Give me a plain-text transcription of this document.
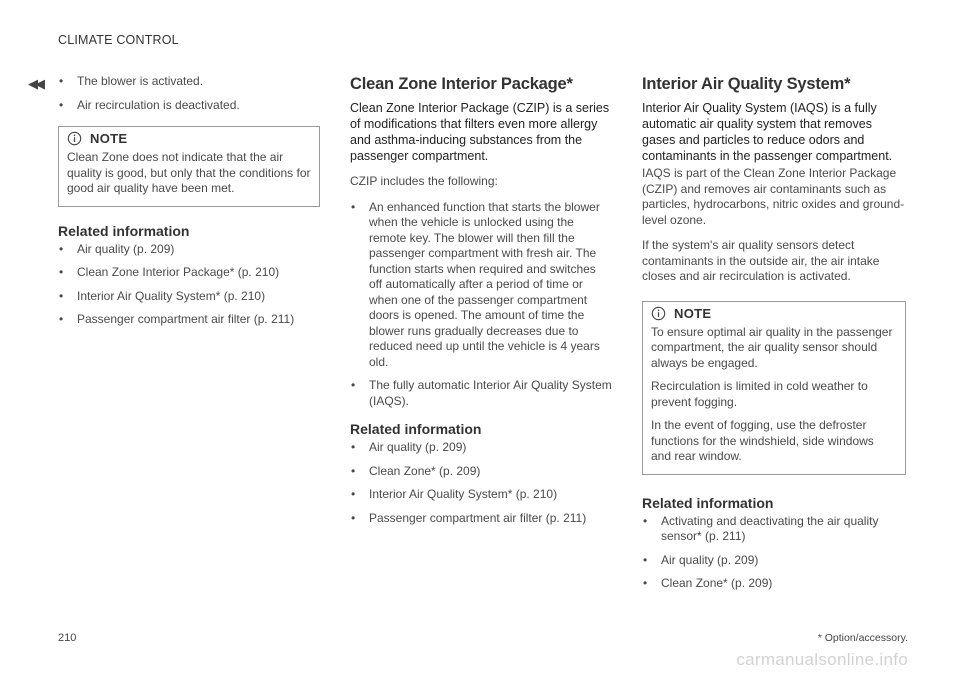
CLIMATE CONTROL
◀◀ • The blower is activated.
• Air recirculation is deactivated.
NOTE
Clean Zone does not indicate that the air quality is good, but only that the conditions for good air quality have been met.
Related information
• Air quality (p. 209)
• Clean Zone Interior Package* (p. 210)
• Interior Air Quality System* (p. 210)
• Passenger compartment air filter (p. 211)
Clean Zone Interior Package*

Clean Zone Interior Package (CZIP) is a series of modifications that filters even more allergy and asthma-inducing substances from the passenger compartment.

CZIP includes the following:

• An enhanced function that starts the blower when the vehicle is unlocked using the remote key. The blower will then fill the passenger compartment with fresh air. The function starts when required and switches off automatically after a period of time or when one of the passenger compartment doors is opened. The amount of time the blower runs gradually decreases due to reduced need up until the vehicle is 4 years old.
• The fully automatic Interior Air Quality System (IAQS).
Related information
• Air quality (p. 209)
• Clean Zone* (p. 209)
• Interior Air Quality System* (p. 210)
• Passenger compartment air filter (p. 211)
Interior Air Quality System*

Interior Air Quality System (IAQS) is a fully automatic air quality system that removes gases and particles to reduce odors and contaminants in the passenger compartment.

IAQS is part of the Clean Zone Interior Package (CZIP) and removes air contaminants such as particles, hydrocarbons, nitric oxides and ground-level ozone.

If the system's air quality sensors detect contaminants in the outside air, the air intake closes and air recirculation is activated.

NOTE

To ensure optimal air quality in the passenger compartment, the air quality sensor should always be engaged.

Recirculation is limited in cold weather to prevent fogging.

In the event of fogging, use the defroster functions for the windshield, side windows and rear window.

Related information
• Activating and deactivating the air quality sensor* (p. 211)
• Air quality (p. 209)
• Clean Zone* (p. 209)
210	* Option/accessory.
carmanualsonline.info
